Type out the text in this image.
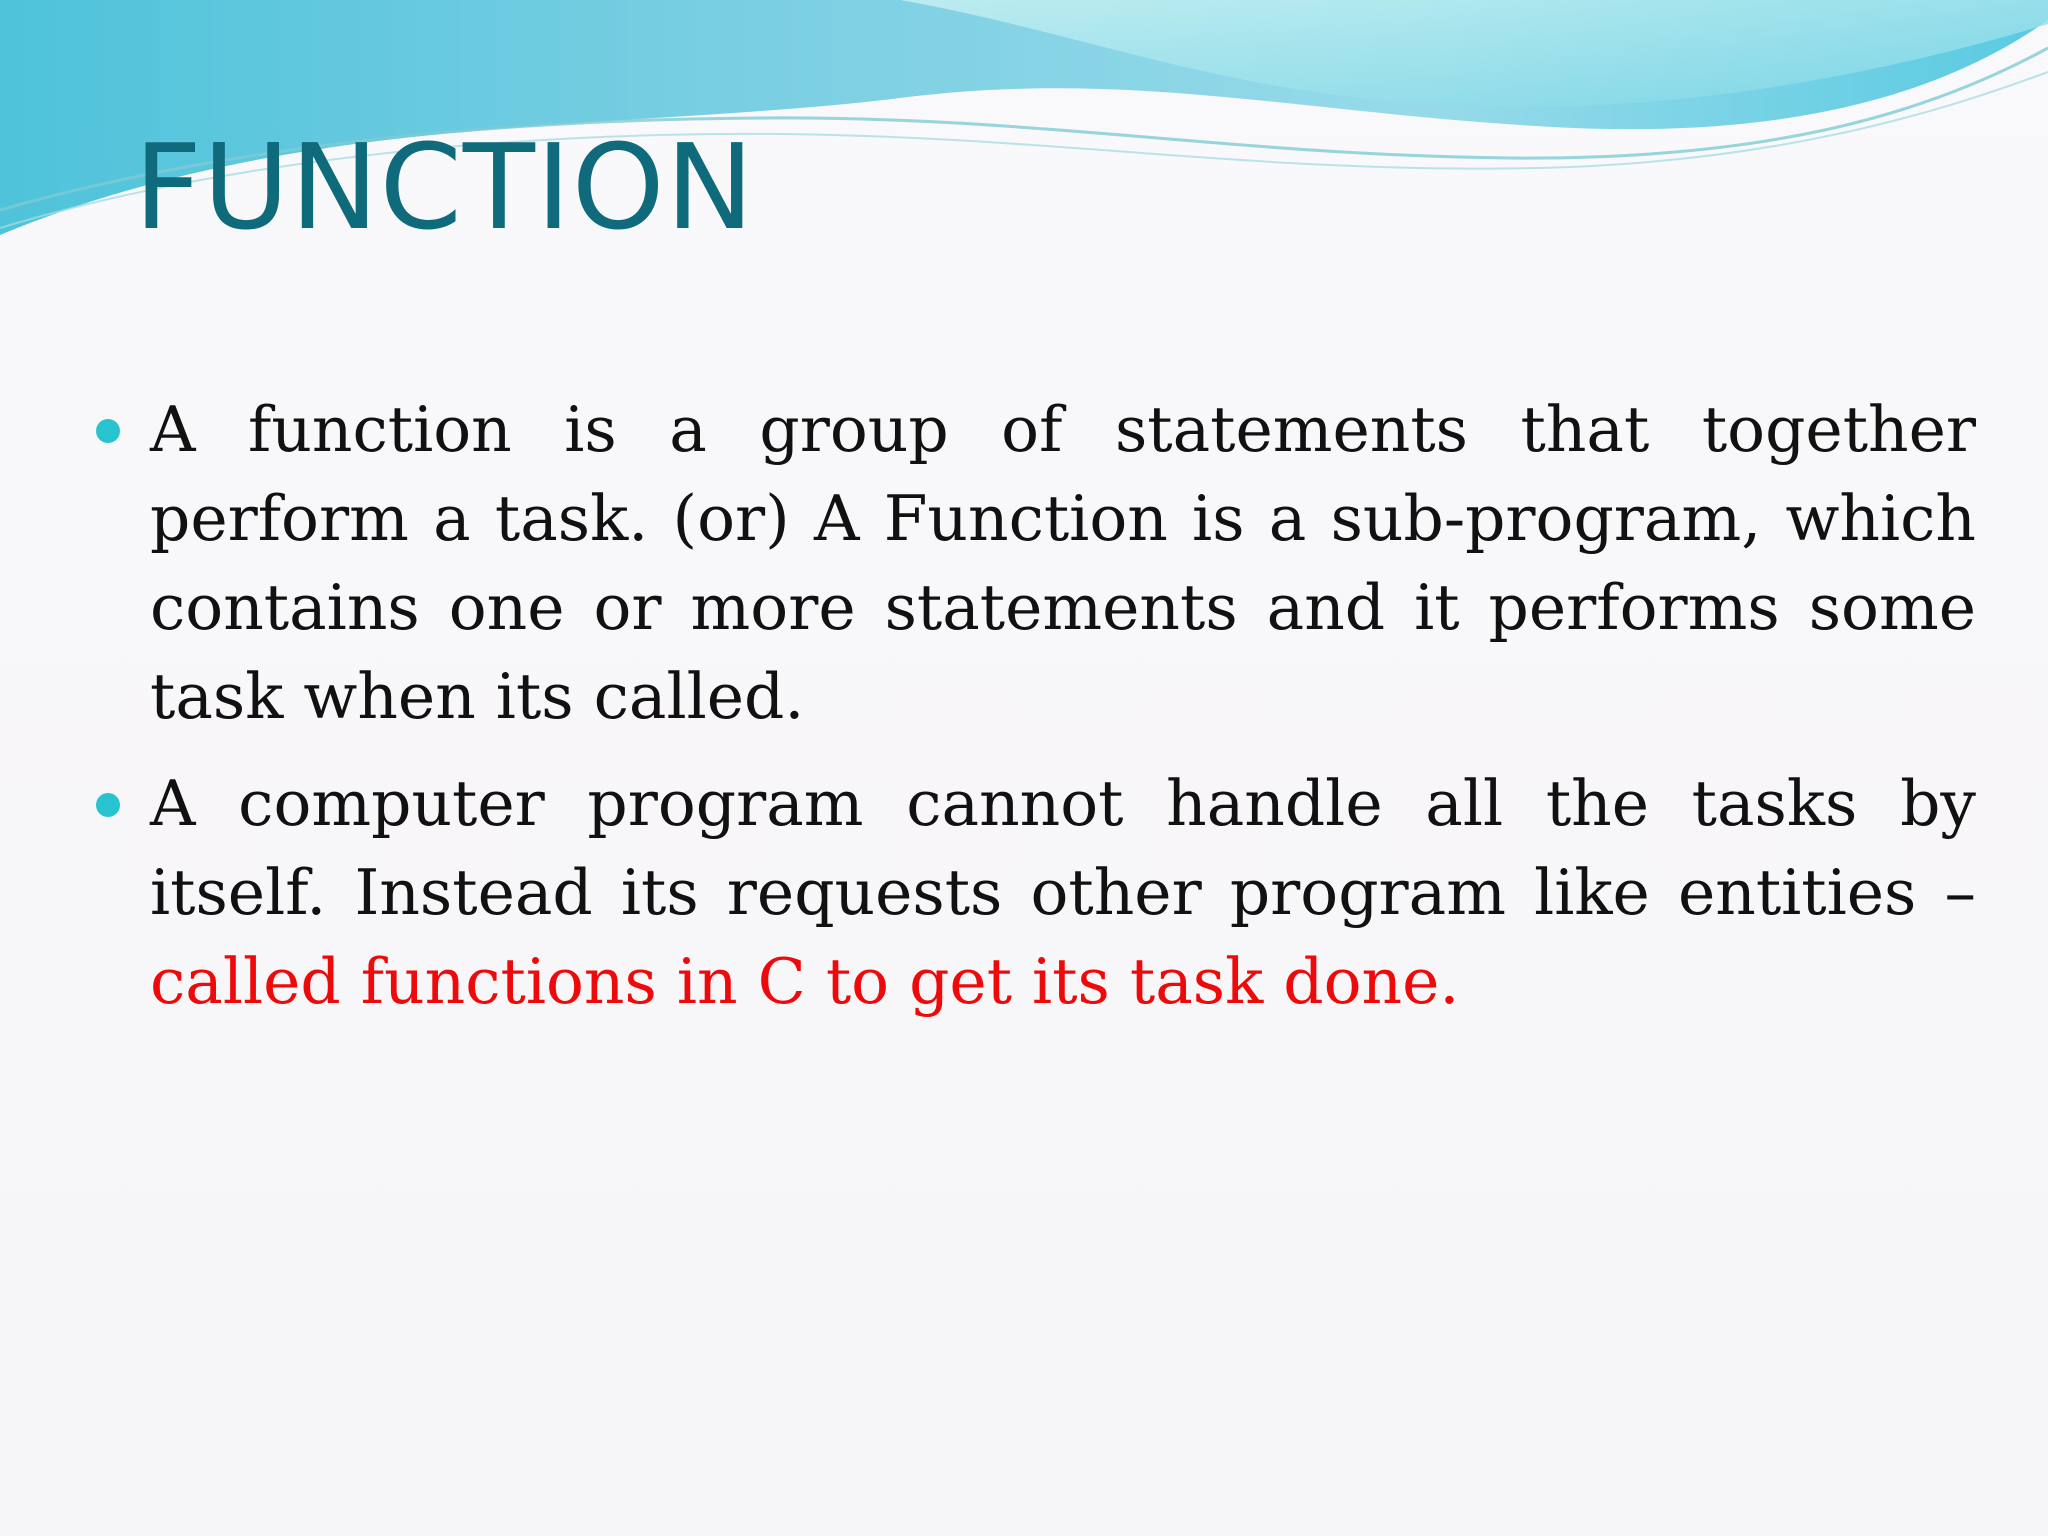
FUNCTION
A function is a group of statements that together perform a task. (or) A Function is a sub-program, which contains one or more statements and it performs some task when its called.
A computer program cannot handle all the tasks by itself. Instead its requests other program like entities – called functions in C to get its task done.
